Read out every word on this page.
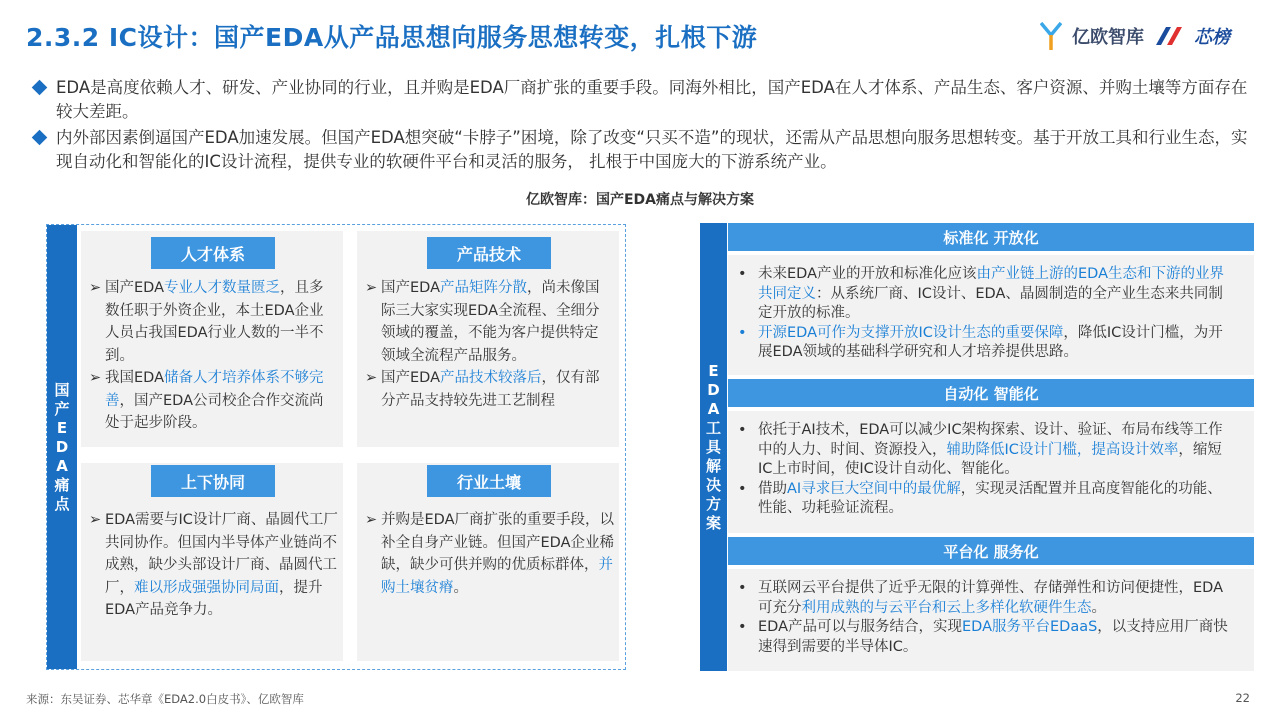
2.3.2 IC设计：国产EDA从产品思想向服务思想转变，扎根下游	亿欧智库	芯榜
EDA是高度依赖人才、研发、产业协同的行业，且并购是EDA厂商扩张的重要手段。同海外相比，国产EDA在人才体系、产品生态、客户资源、并购土壤等方面存在较大差距。
内外部因素倒逼国产EDA加速发展。但国产EDA想突破“卡脖子”困境，除了改变“只买不造”的现状，还需从产品思想向服务思想转变。基于开放工具和行业生态，实现自动化和智能化的IC设计流程，提供专业的软硬件平台和灵活的服务， 扎根于中国庞大的下游系统产业。
亿欧智库：国产EDA痛点与解决方案
国
产
E
D
A
痛
点
人才体系
➢ 国产EDA专业人才数量匮乏，且多数任职于外资企业，本土EDA企业人员占我国EDA行业人数的一半不到。
➢ 我国EDA储备人才培养体系不够完善，国产EDA公司校企合作交流尚处于起步阶段。
产品技术
➢ 国产EDA产品矩阵分散，尚未像国际三大家实现EDA全流程、全细分领域的覆盖，不能为客户提供特定领域全流程产品服务。
➢ 国产EDA产品技术较落后，仅有部分产品支持较先进工艺制程
上下协同
➢ EDA需要与IC设计厂商、晶圆代工厂共同协作。但国内半导体产业链尚不成熟，缺少头部设计厂商、晶圆代工厂，难以形成强强协同局面，提升EDA产品竞争力。
行业土壤
➢ 并购是EDA厂商扩张的重要手段，以补全自身产业链。但国产EDA企业稀缺，缺少可供并购的优质标群体，并购土壤贫瘠。
E
D
A
工
具
解
决
方
案
标准化 开放化
• 未来EDA产业的开放和标准化应该由产业链上游的EDA生态和下游的业界共同定义：从系统厂商、IC设计、EDA、晶圆制造的全产业生态来共同制定开放的标准。
• 开源EDA可作为支撑开放IC设计生态的重要保障，降低IC设计门槛，为开展EDA领域的基础科学研究和人才培养提供思路。
自动化 智能化
• 依托于AI技术，EDA可以减少IC架构探索、设计、验证、布局布线等工作中的人力、时间、资源投入，辅助降低IC设计门槛，提高设计效率，缩短IC上市时间，使IC设计自动化、智能化。
• 借助AI寻求巨大空间中的最优解，实现灵活配置并且高度智能化的功能、性能、功耗验证流程。
平台化 服务化
• 互联网云平台提供了近乎无限的计算弹性、存储弹性和访问便捷性，EDA可充分利用成熟的与云平台和云上多样化软硬件生态。
• EDA产品可以与服务结合，实现EDA服务平台EDaaS，以支持应用厂商快速得到需要的半导体IC。
来源：东吴证券、芯华章《EDA2.0白皮书》、亿欧智库	22
